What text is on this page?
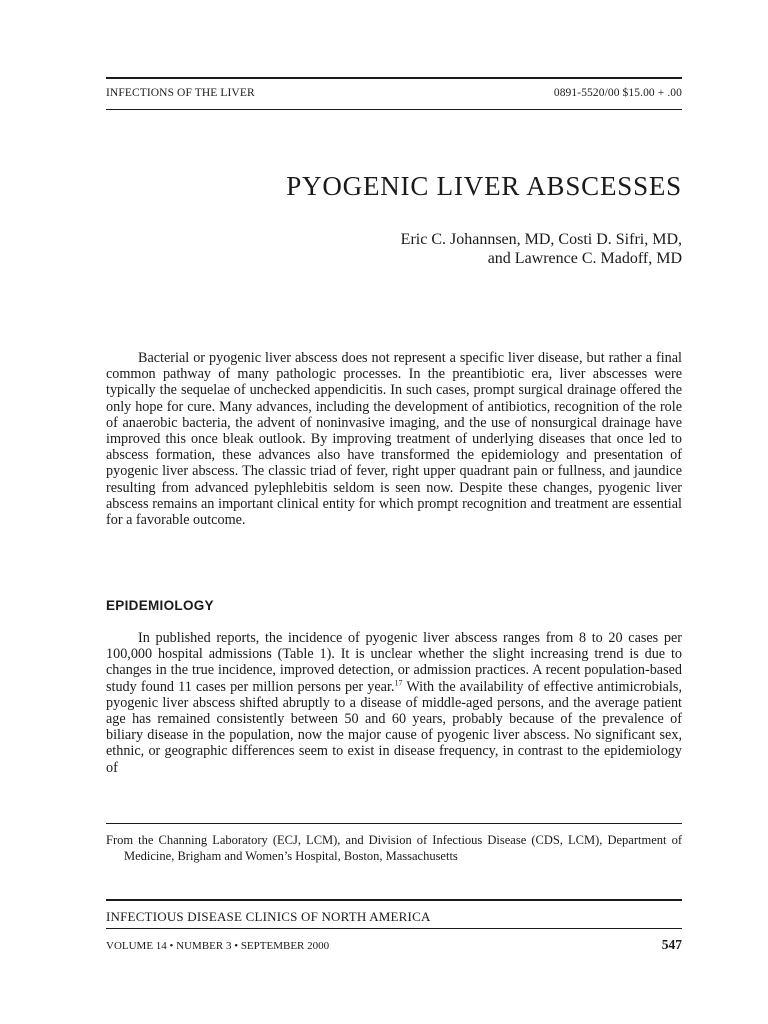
INFECTIONS OF THE LIVER	0891-5520/00 $15.00 + .00
PYOGENIC LIVER ABSCESSES
Eric C. Johannsen, MD, Costi D. Sifri, MD,
and Lawrence C. Madoff, MD

Bacterial or pyogenic liver abscess does not represent a specific liver disease, but rather a final common pathway of many pathologic processes. In the preantibiotic era, liver abscesses were typically the sequelae of unchecked appendicitis. In such cases, prompt surgical drainage offered the only hope for cure. Many advances, including the development of antibiotics, recognition of the role of anaerobic bacteria, the advent of noninvasive imaging, and the use of nonsurgical drainage have improved this once bleak outlook. By improving treatment of underlying diseases that once led to abscess formation, these advances also have transformed the epidemiology and presentation of pyogenic liver abscess. The classic triad of fever, right upper quadrant pain or fullness, and jaundice resulting from advanced pylephlebitis seldom is seen now. Despite these changes, pyogenic liver abscess remains an important clinical entity for which prompt recognition and treatment are essential for a favorable outcome.

EPIDEMIOLOGY

In published reports, the incidence of pyogenic liver abscess ranges from 8 to 20 cases per 100,000 hospital admissions (Table 1). It is unclear whether the slight increasing trend is due to changes in the true incidence, improved detection, or admission practices. A recent population-based study found 11 cases per million persons per year.$^{17}$ With the availability of effective antimicrobials, pyogenic liver abscess shifted abruptly to a disease of middle-aged persons, and the average patient age has remained consistently between 50 and 60 years, probably because of the prevalence of biliary disease in the population, now the major cause of pyogenic liver abscess. No significant sex, ethnic, or geographic differences seem to exist in disease frequency, in contrast to the epidemiology of

From the Channing Laboratory (ECJ, LCM), and Division of Infectious Disease (CDS, LCM), Department of Medicine, Brigham and Women’s Hospital, Boston, Massachusetts
INFECTIOUS DISEASE CLINICS OF NORTH AMERICA
VOLUME 14 • NUMBER 3 • SEPTEMBER 2000	547
